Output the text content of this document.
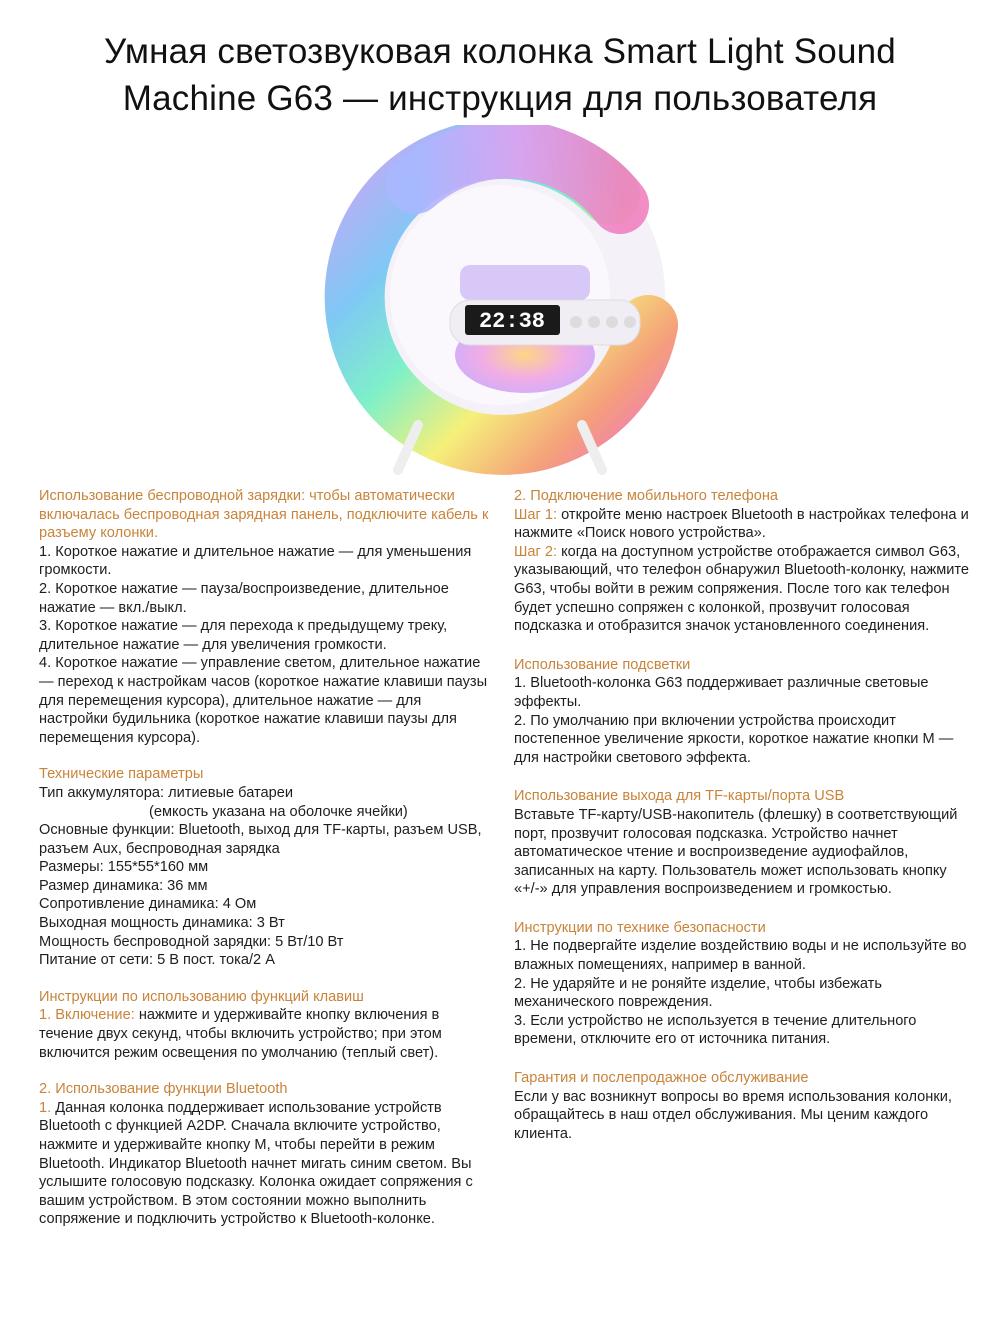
Умная светозвуковая колонка Smart Light Sound
Machine G63 — инструкция для пользователя
22:38

Использование беспроводной зарядки: чтобы автоматически включалась беспроводная зарядная панель, подключите кабель к разъему колонки.

1. Короткое нажатие и длительное нажатие — для уменьшения громкости.

2. Короткое нажатие — пауза/воспроизведение, длительное нажатие — вкл./выкл.

3. Короткое нажатие — для перехода к предыдущему треку, длительное нажатие — для увеличения громкости.

4. Короткое нажатие — управление светом, длительное нажатие — переход к настройкам часов (короткое нажатие клавиши паузы для перемещения курсора), длительное нажатие — для настройки будильника (короткое нажатие клавиши паузы для перемещения курсора).

Технические параметры

Тип аккумулятора: литиевые батареи

(емкость указана на оболочке ячейки)

Основные функции: Bluetooth, выход для TF-карты, разъем USB, разъем Aux, беспроводная зарядка

Размеры: 155*55*160 мм

Размер динамика: 36 мм

Сопротивление динамика: 4 Ом

Выходная мощность динамика: 3 Вт

Мощность беспроводной зарядки: 5 Вт/10 Вт

Питание от сети: 5 В пост. тока/2 А

Инструкции по использованию функций клавиш

1. Включение: нажмите и удерживайте кнопку включения в течение двух секунд, чтобы включить устройство; при этом включится режим освещения по умолчанию (теплый свет).

2. Использование функции Bluetooth

1. Данная колонка поддерживает использование устройств Bluetooth с функцией A2DP. Сначала включите устройство, нажмите и удерживайте кнопку М, чтобы перейти в режим Bluetooth. Индикатор Bluetooth начнет мигать синим светом. Вы услышите голосовую подсказку. Колонка ожидает сопряжения с вашим устройством. В этом состоянии можно выполнить сопряжение и подключить устройство к Bluetooth-колонке.

2. Подключение мобильного телефона

Шаг 1: откройте меню настроек Bluetooth в настройках телефона и нажмите «Поиск нового устройства».

Шаг 2: когда на доступном устройстве отображается символ G63, указывающий, что телефон обнаружил Bluetooth-колонку, нажмите G63, чтобы войти в режим сопряжения. После того как телефон будет успешно сопряжен с колонкой, прозвучит голосовая подсказка и отобразится значок установленного соединения.

Использование подсветки

1. Bluetooth-колонка G63 поддерживает различные световые эффекты.

2. По умолчанию при включении устройства происходит постепенное увеличение яркости, короткое нажатие кнопки М — для настройки светового эффекта.

Использование выхода для TF-карты/порта USB

Вставьте TF-карту/USB-накопитель (флешку) в соответствующий порт, прозвучит голосовая подсказка. Устройство начнет автоматическое чтение и воспроизведение аудиофайлов, записанных на карту. Пользователь может использовать кнопку «+/-» для управления воспроизведением и громкостью.

Инструкции по технике безопасности

1. Не подвергайте изделие воздействию воды и не используйте во влажных помещениях, например в ванной.

2. Не ударяйте и не роняйте изделие, чтобы избежать механического повреждения.

3. Если устройство не используется в течение длительного времени, отключите его от источника питания.

Гарантия и послепродажное обслуживание

Если у вас возникнут вопросы во время использования колонки, обращайтесь в наш отдел обслуживания. Мы ценим каждого клиента.
